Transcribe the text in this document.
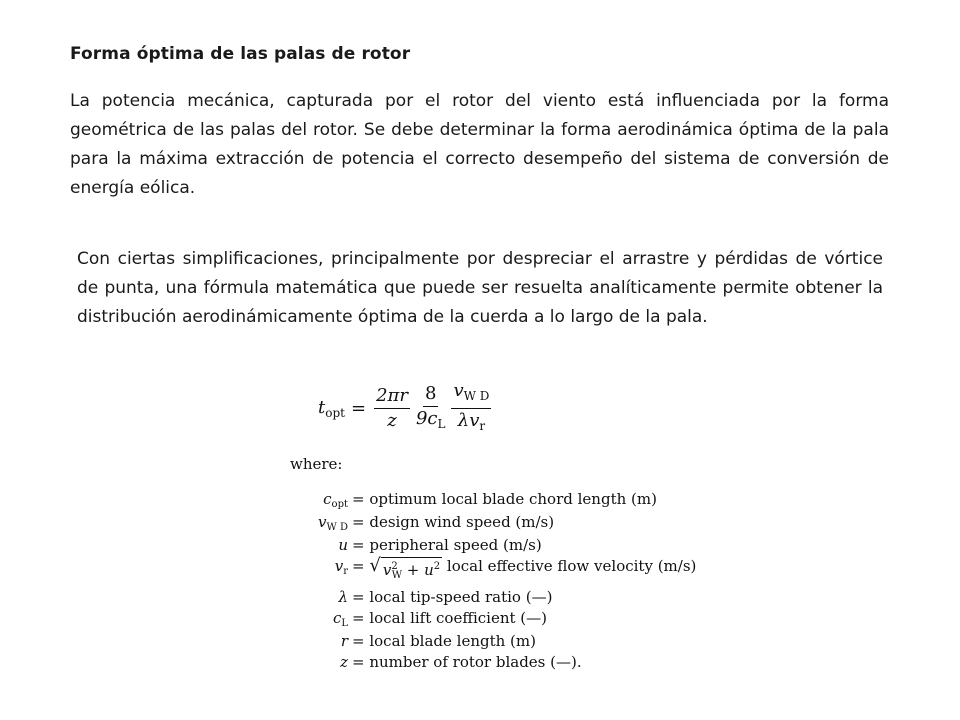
Forma óptima de las palas de rotor

La potencia mecánica, capturada por el rotor del viento está influenciada por la forma geométrica de las palas del rotor. Se debe determinar la forma aerodinámica óptima de la pala para la máxima extracción de potencia el correcto desempeño del sistema de conversión de energía eólica.

Con ciertas simplificaciones, principalmente por despreciar el arrastre y pérdidas de vórtice de punta, una fórmula matemática que puede ser resuelta analíticamente permite obtener la distribución aerodinámicamente óptima de la cuerda a lo largo de la pala.

$t_{opt} = \frac{2\pi r}{z} \frac{8}{9c_L} \frac{v_{W D}}{\lambda v_r}$

where:

$c_{opt}$ = optimum local blade chord length (m)
$v_{W D}$ = design wind speed (m/s)
u = peripheral speed (m/s)
$v_r$ = √ $v^2_W + u^2$ local effective flow velocity (m/s)
λ = local tip-speed ratio (—)
$c_L$ = local lift coefficient (—)
r = local blade length (m)
z = number of rotor blades (—).
